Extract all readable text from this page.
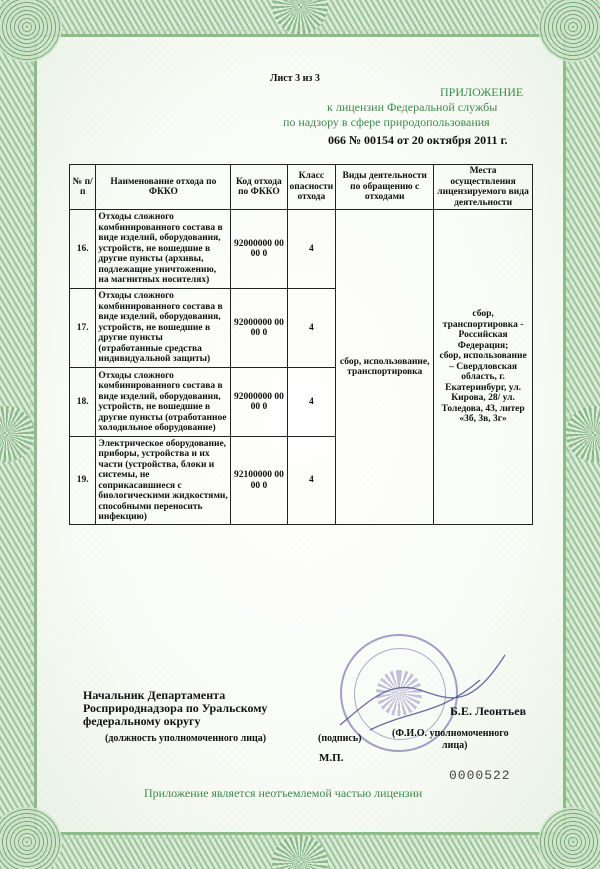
Лист 3 из 3
ПРИЛОЖЕНИЕ
к лицензии Федеральной службы
по надзору в сфере природопользования
066 № 00154 от 20 октября 2011 г.
№ п/ п	Наименование отхода по ФККО	Код отхода по ФККО	Класс опасности отхода	Виды деятельности по обращению с отходами	Места осуществления лицензируемого вида деятельности
16.	Отходы сложного комбинированного состава в виде изделий, оборудования, устройств, не вошедшие в другие пункты (архивы, подлежащие уничтожению, на магнитных носителях)	92000000 00 00 0	4	сбор, использование, транспортировка	сбор, транспортировка - Российская Федерация;
сбор, использование – Свердловская область, г. Екатеринбург, ул. Кирова, 28/ ул. Толедова, 43, литер «3б, 3в, 3г»

17.	Отходы сложного комбинированного состава в виде изделий, оборудования, устройств, не вошедшие в другие пункты (отработанные средства индивидуальной защиты)	92000000 00 00 0	4		
18.	Отходы сложного комбинированного состава в виде изделий, оборудования, устройств, не вошедшие в другие пункты (отработанное холодильное оборудование)	92000000 00 00 0	4		
19.	Электрическое оборудование, приборы, устройства и их части (устройства, блоки и системы, не соприкасавшиеся с биологическими жидкостями, способными переносить инфекцию)	92100000 00 00 0	4		
Начальник Департамента
Росприроднадзора по Уральскому
федеральному округу
Б.Е. Леонтьев
(должность уполномоченного лица)	(подпись)	(Ф.И.О. уполномоченного
лица)
М.П.
0000522
Приложение является неотъемлемой частью лицензии
